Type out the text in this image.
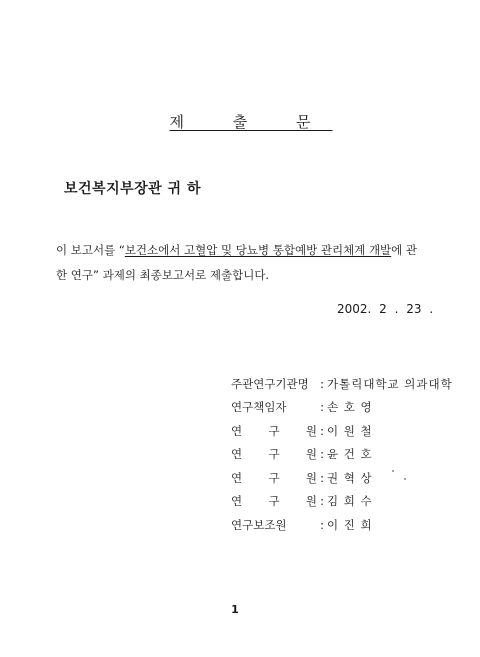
제 출 문
보건복지부장관 귀 하
이 보고서를 “보건소에서 고혈압 및 당뇨병 통합예방 관리체계 개발에 관
한 연구” 과제의 최종보고서로 제출합니다.
2002. 2 . 23 .
주관연구기관명 : 가톨릭대학교 의과대학
연구책임자	: 손 호 영
연 구 원 : 이 원 철
연 구 원 : 윤 건 호
연 구 원 : 권 혁 상
연 구 원 : 김 희 수
연구보조원	: 이 진 희
1
